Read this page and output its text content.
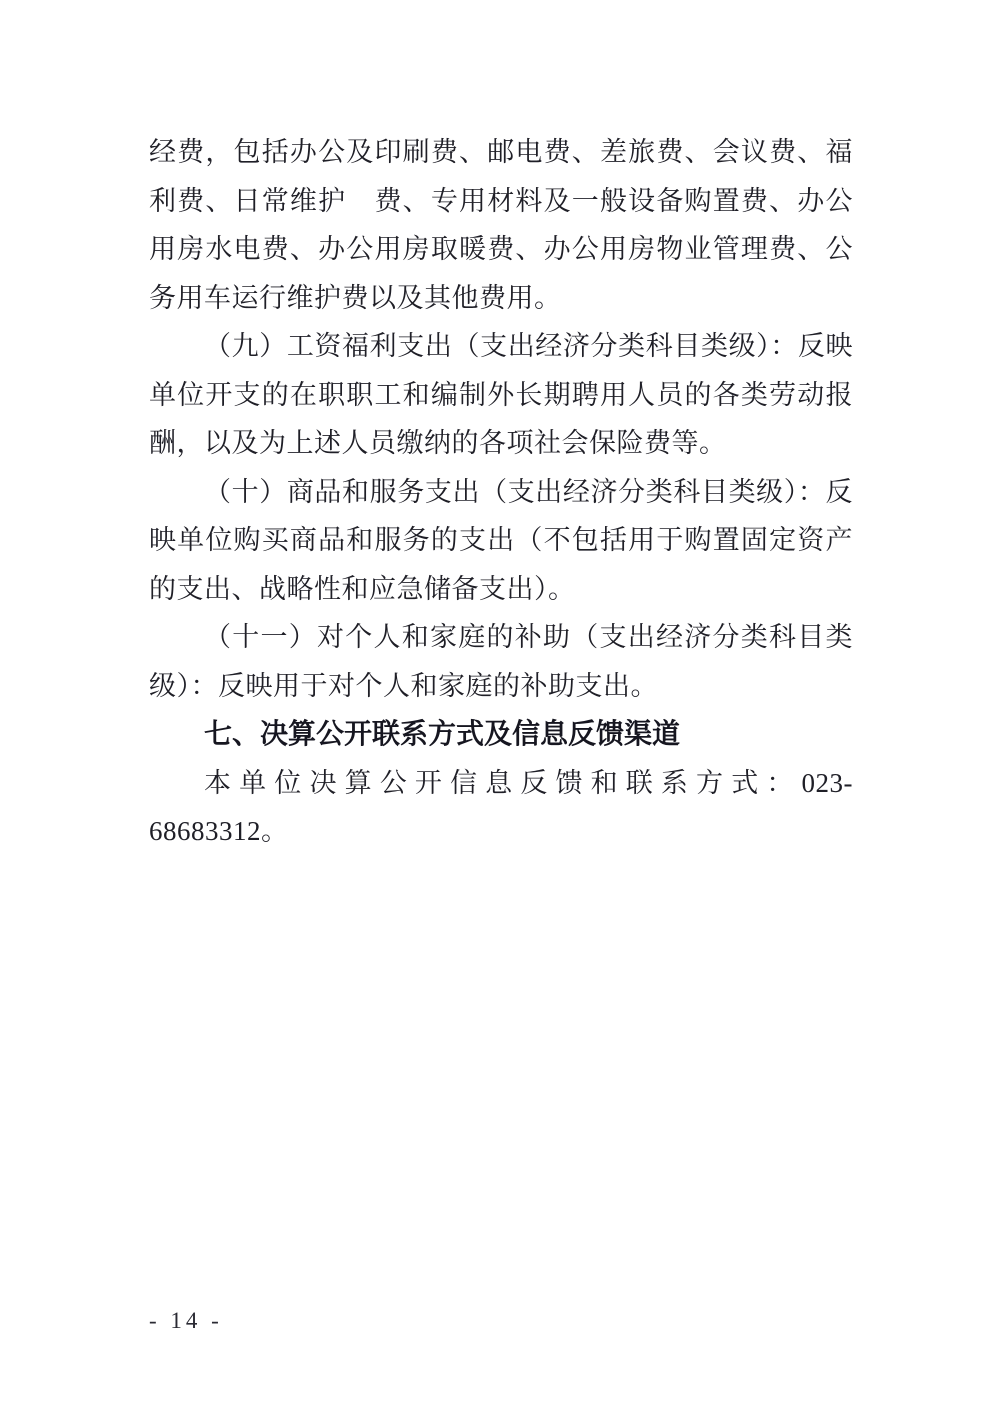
经费，包括办公及印刷费、邮电费、差旅费、会议费、福利费、日常维护　费、专用材料及一般设备购置费、办公用房水电费、办公用房取暖费、办公用房物业管理费、公务用车运行维护费以及其他费用。

（九）工资福利支出（支出经济分类科目类级）：反映单位开支的在职职工和编制外长期聘用人员的各类劳动报酬，以及为上述人员缴纳的各项社会保险费等。

（十）商品和服务支出（支出经济分类科目类级）：反映单位购买商品和服务的支出（不包括用于购置固定资产的支出、战略性和应急储备支出）。

（十一）对个人和家庭的补助（支出经济分类科目类级）：反映用于对个人和家庭的补助支出。

七、决算公开联系方式及信息反馈渠道

本单位决算公开信息反馈和联系方式：023-68683312。

- 14 -
